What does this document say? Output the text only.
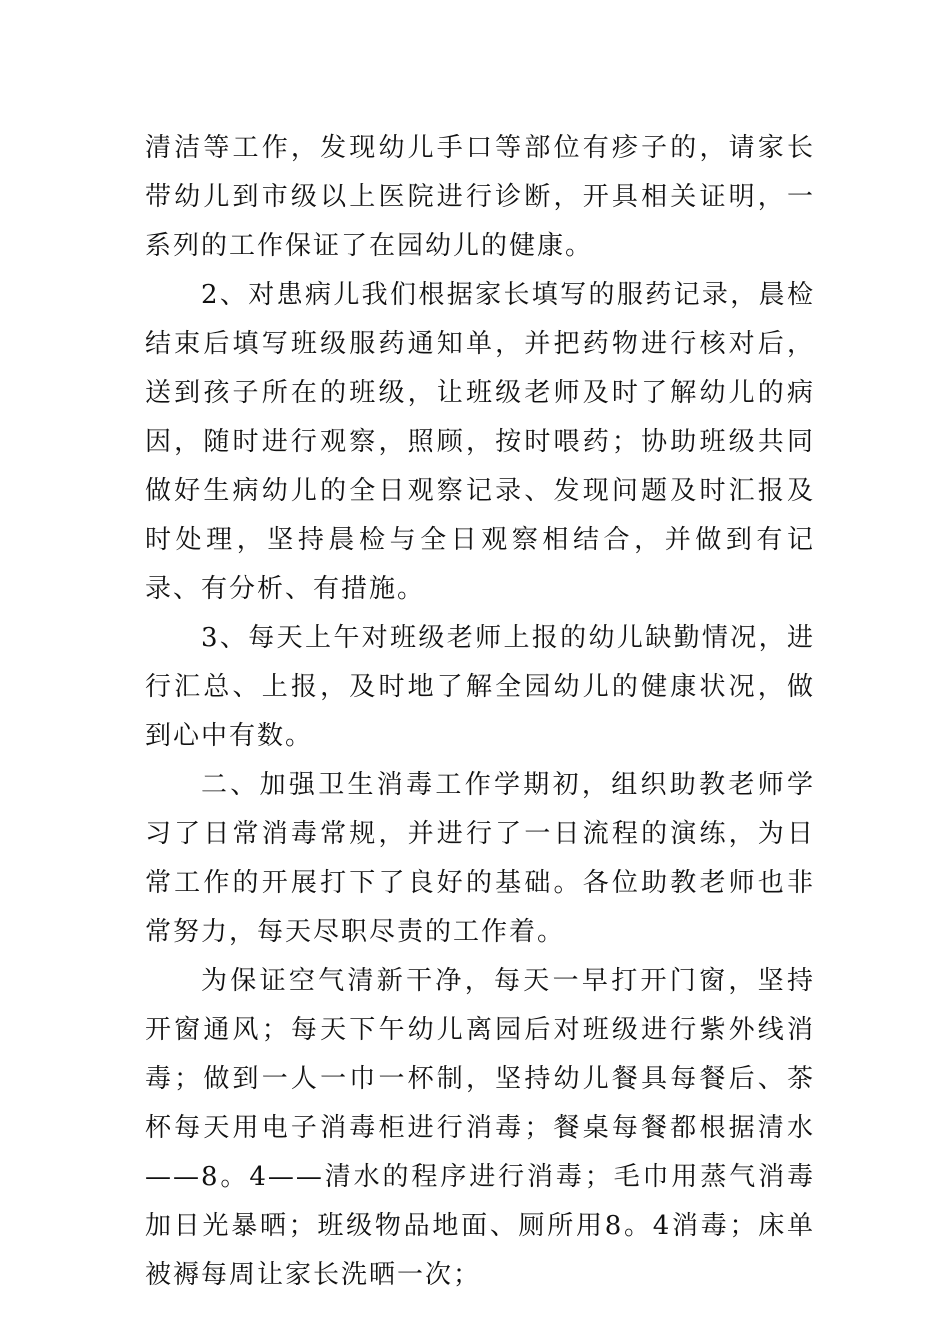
清洁等工作，发现幼儿手口等部位有疹子的，请家长带幼儿到市级以上医院进行诊断，开具相关证明，一系列的工作保证了在园幼儿的健康。

2、对患病儿我们根据家长填写的服药记录，晨检结束后填写班级服药通知单，并把药物进行核对后，送到孩子所在的班级，让班级老师及时了解幼儿的病因，随时进行观察，照顾，按时喂药；协助班级共同做好生病幼儿的全日观察记录、发现问题及时汇报及时处理，坚持晨检与全日观察相结合，并做到有记录、有分析、有措施。

3、每天上午对班级老师上报的幼儿缺勤情况，进行汇总、上报，及时地了解全园幼儿的健康状况，做到心中有数。

二、加强卫生消毒工作学期初，组织助教老师学习了日常消毒常规，并进行了一日流程的演练，为日常工作的开展打下了良好的基础。各位助教老师也非常努力，每天尽职尽责的工作着。

为保证空气清新干净，每天一早打开门窗，坚持开窗通风；每天下午幼儿离园后对班级进行紫外线消毒；做到一人一巾一杯制，坚持幼儿餐具每餐后、茶杯每天用电子消毒柜进行消毒；餐桌每餐都根据清水——8。4——清水的程序进行消毒；毛巾用蒸气消毒加日光暴晒；班级物品地面、厕所用8。4消毒；床单被褥每周让家长洗晒一次；
